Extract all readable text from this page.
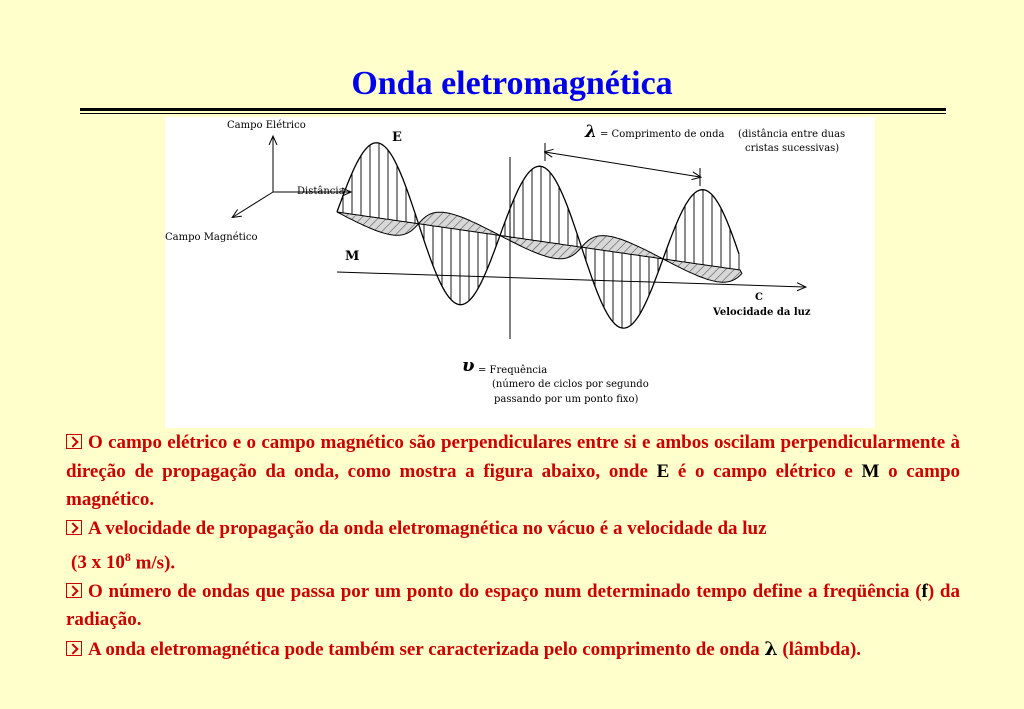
Onda eletromagnética
Campo Elétrico
Distância
Campo Magnético
E
M
λ = Comprimento de onda (distância entre duas
cristas sucessivas)
C
Velocidade da luz
υ = Frequência
(número de ciclos por segundo
passando por um ponto fixo)

O campo elétrico e o campo magnético são perpendiculares entre si e ambos oscilam perpendicularmente à direção de propagação da onda, como mostra a figura abaixo, onde E é o campo elétrico e M o campo magnético.

A velocidade de propagação da onda eletromagnética no vácuo é a velocidade da luz
(3 x $10^8$ m/s).

O número de ondas que passa por um ponto do espaço num determinado tempo define a freqüência (f) da radiação.

A onda eletromagnética pode também ser caracterizada pelo comprimento de onda λ (lâmbda).
